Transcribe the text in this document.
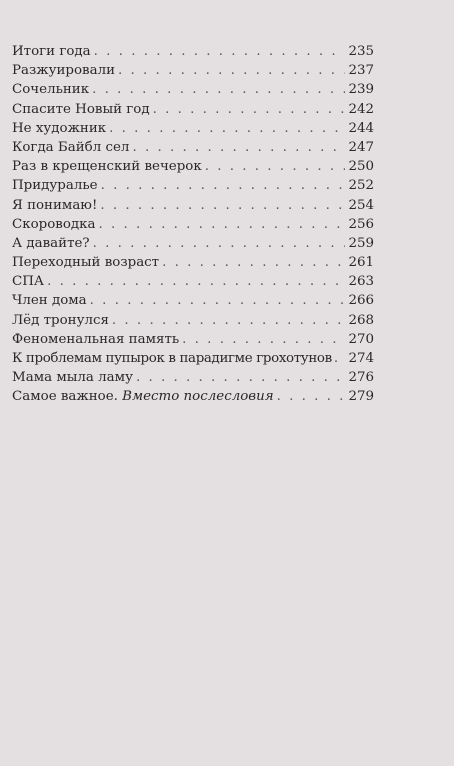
Итоги года . . .	235
Разжуировали . . .	237
Сочельник . . .	239
Спасите Новый год . . .	242
Не художник . . .	244
Когда Байбл сел . . .	247
Раз в крещенский вечерок . . .	250
Придуралье . . .	252
Я понимаю! . . .	254
Скороводка . . .	256
А давайте? . . .	259
Переходный возраст . . .	261
СПА . . .	263
Член дома . . .	266
Лёд тронулся . . .	268
Феноменальная память . . .	270
К проблемам пупырок в парадигме грохотунов . . . 274
Мама мыла ламу . . .	276
Самое важное. Вместо послесловия . . .	279
